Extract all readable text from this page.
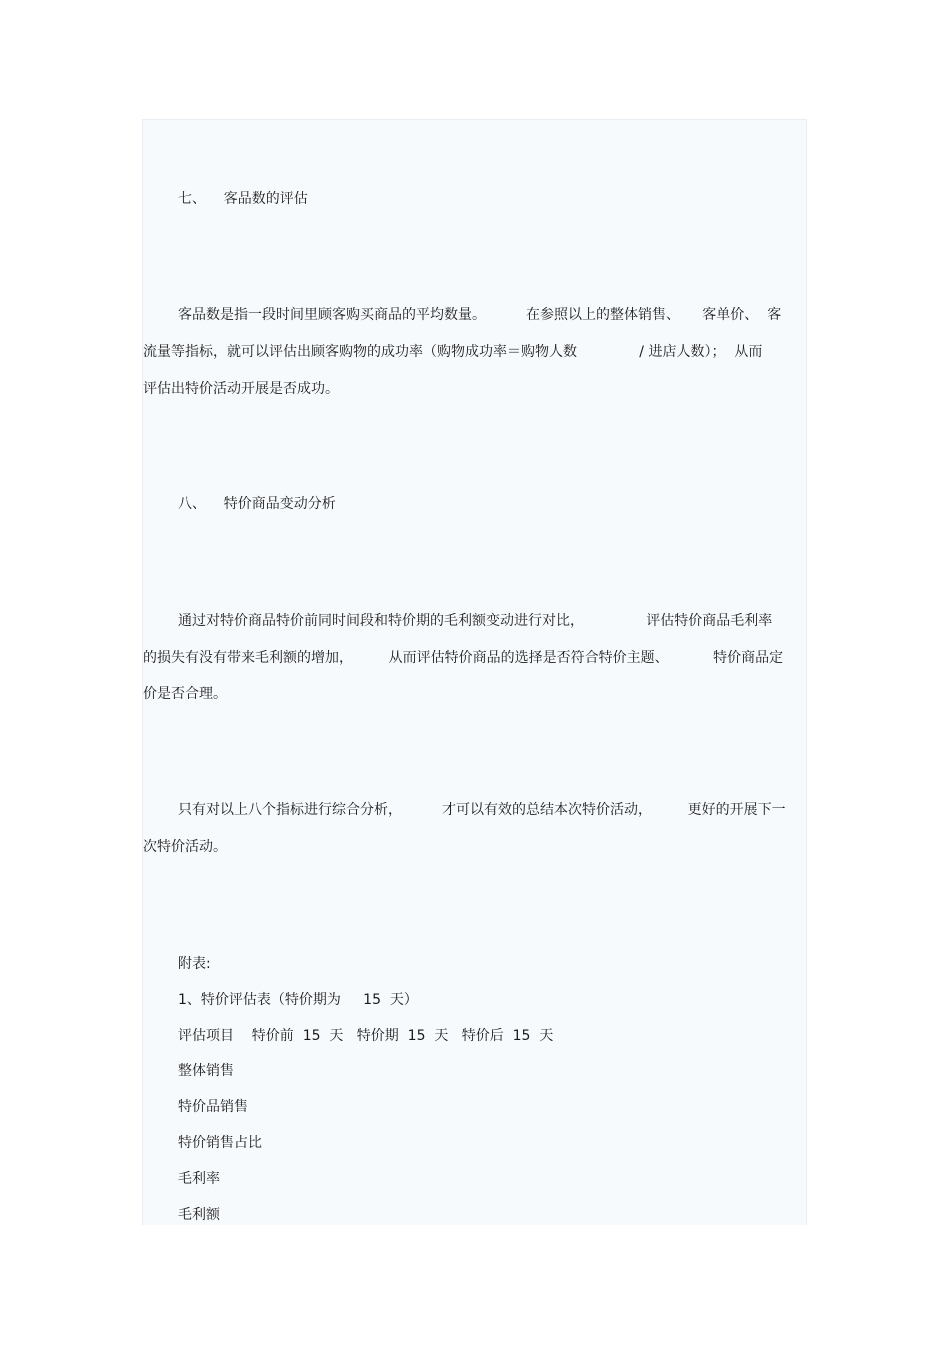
七、    客品数的评估
客品数是指一段时间里顾客购买商品的平均数量。         在参照以上的整体销售、     客单价、  客
流量等指标，就可以评估出顾客购物的成功率（购物成功率＝购物人数              / 进店人数）；  从而
评估出特价活动开展是否成功。
八、    特价商品变动分析
通过对特价商品特价前同时间段和特价期的毛利额变动进行对比，              评估特价商品毛利率
的损失有没有带来毛利额的增加，        从而评估特价商品的选择是否符合特价主题、          特价商品定
价是否合理。
只有对以上八个指标进行综合分析，         才可以有效的总结本次特价活动，        更好的开展下一
次特价活动。
附表:
1、特价评估表（特价期为     15  天）
评估项目    特价前  15  天   特价期  15  天   特价后  15  天
整体销售
特价品销售
特价销售占比
毛利率
毛利额
